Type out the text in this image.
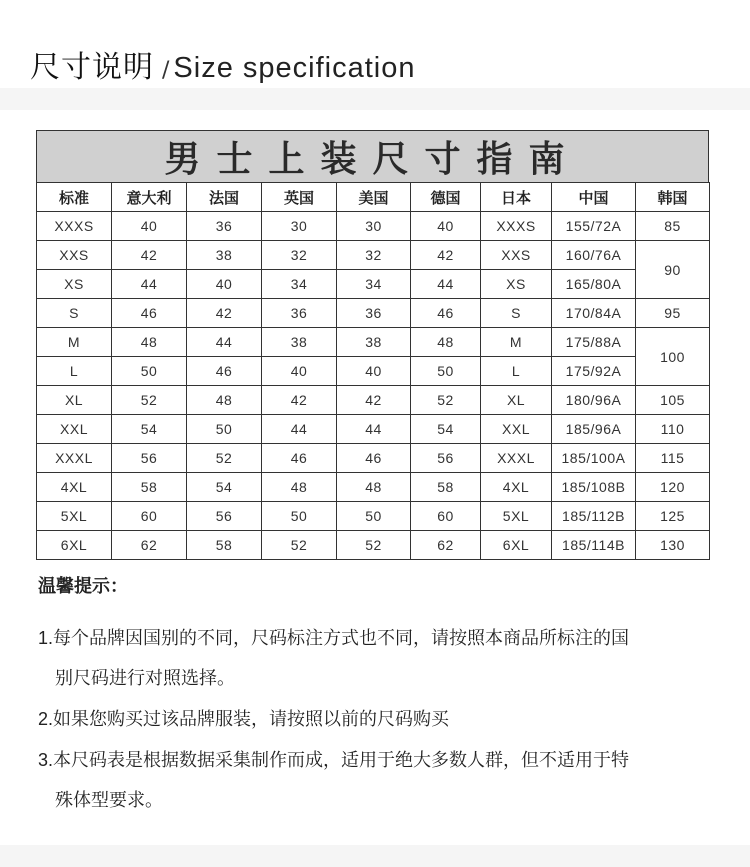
尺寸说明 / Size specification
男士上装尺寸指南
标准	意大利	法国	英国	美国	德国	日本	中国	韩国
XXXS	40	36	30	30	40	XXXS	155/72A	85
XXS	42	38	32	32	42	XXS	160/76A	90
XS	44	40	34	34	44	XS	165/80A	
S	46	42	36	36	46	S	170/84A	95
M	48	44	38	38	48	M	175/88A	100
L	50	46	40	40	50	L	175/92A	
XL	52	48	42	42	52	XL	180/96A	105
XXL	54	50	44	44	54	XXL	185/96A	110
XXXL	56	52	46	46	56	XXXL	185/100A	115
4XL	58	54	48	48	58	4XL	185/108B	120
5XL	60	56	50	50	60	5XL	185/112B	125
6XL	62	58	52	52	62	6XL	185/114B	130
温馨提示：
1.每个品牌因国别的不同，尺码标注方式也不同，请按照本商品所标注的国
别尺码进行对照选择。
2.如果您购买过该品牌服装，请按照以前的尺码购买
3.本尺码表是根据数据采集制作而成，适用于绝大多数人群，但不适用于特
殊体型要求。
